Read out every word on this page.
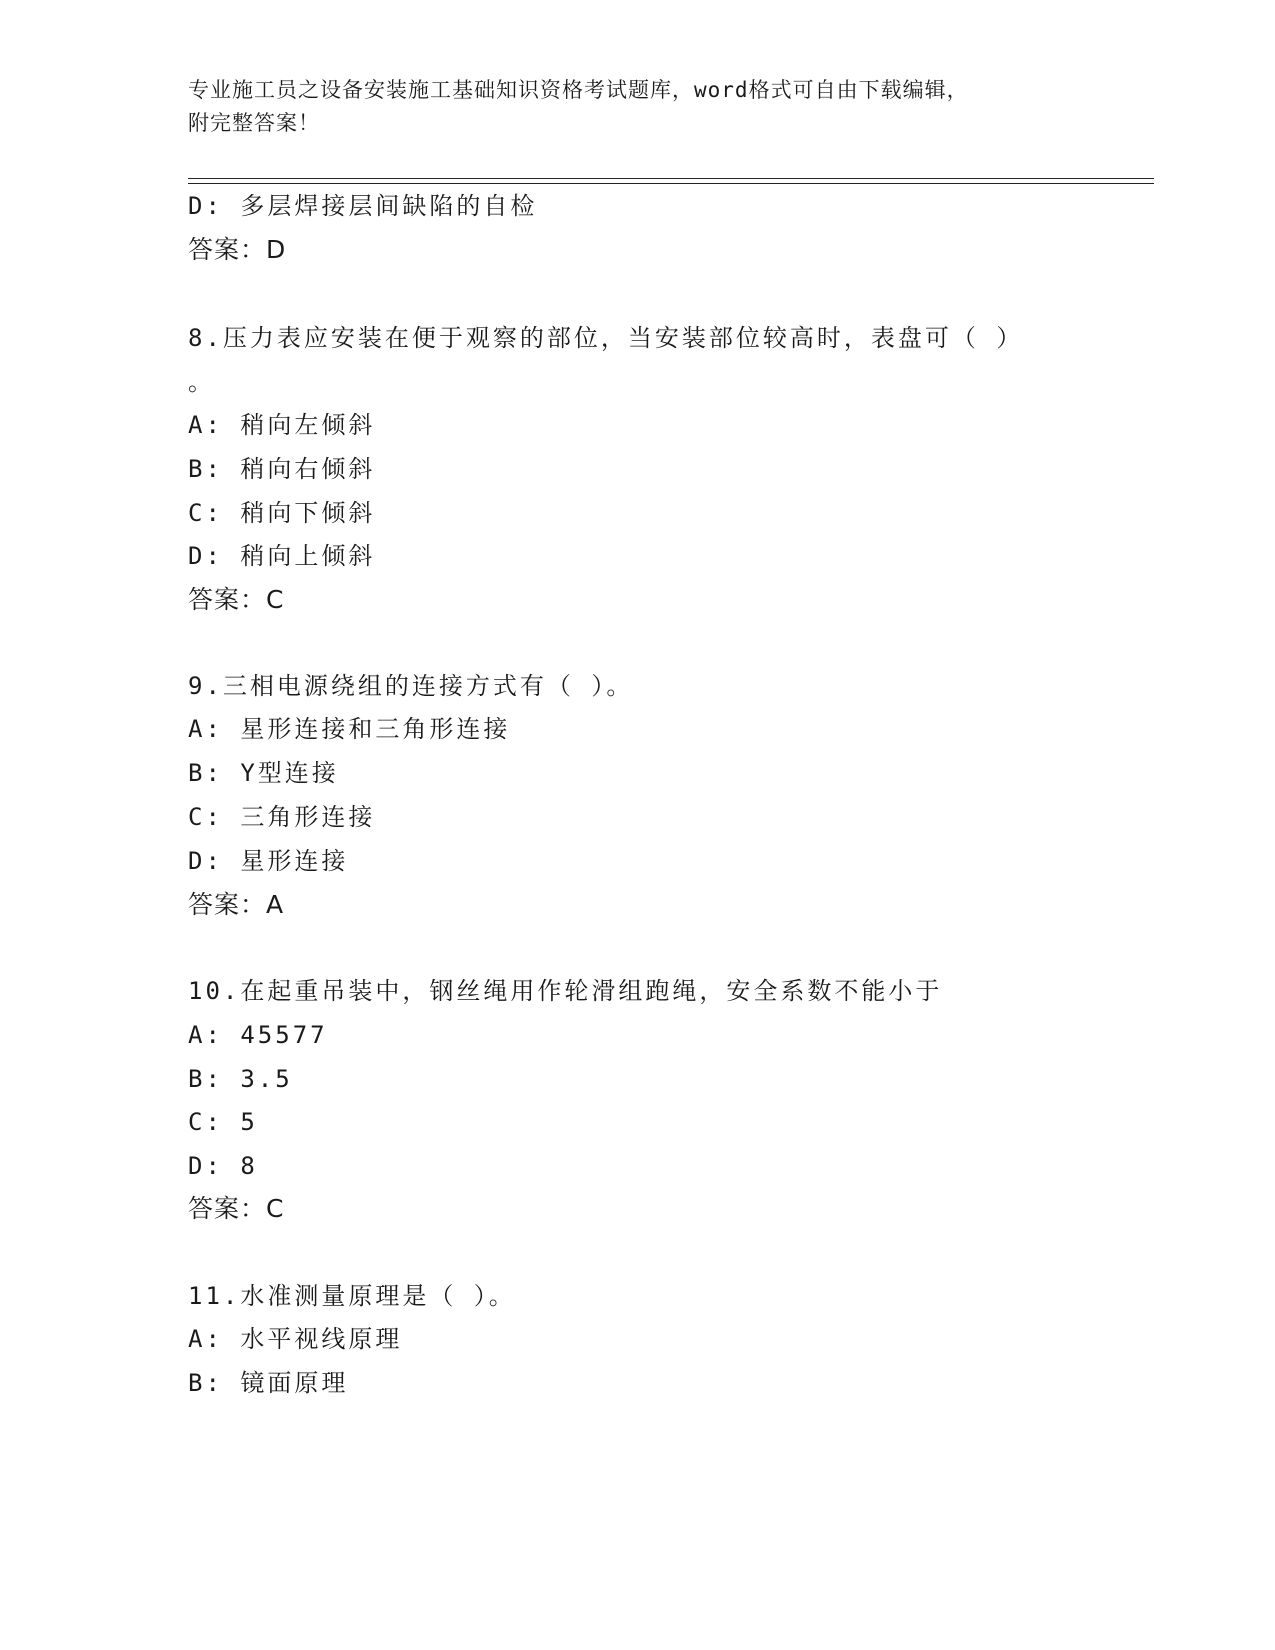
专业施工员之设备安装施工基础知识资格考试题库，word格式可自由下载编辑，
附完整答案！
D: 多层焊接层间缺陷的自检
答案：D
8.压力表应安装在便于观察的部位，当安装部位较高时，表盘可（ ）
。
A: 稍向左倾斜
B: 稍向右倾斜
C: 稍向下倾斜
D: 稍向上倾斜
答案：C
9.三相电源绕组的连接方式有（ ）。
A: 星形连接和三角形连接
B: Y型连接
C: 三角形连接
D: 星形连接
答案：A
10.在起重吊装中，钢丝绳用作轮滑组跑绳，安全系数不能小于
A: 45577
B: 3.5
C: 5
D: 8
答案：C
11.水准测量原理是（ ）。
A: 水平视线原理
B: 镜面原理
